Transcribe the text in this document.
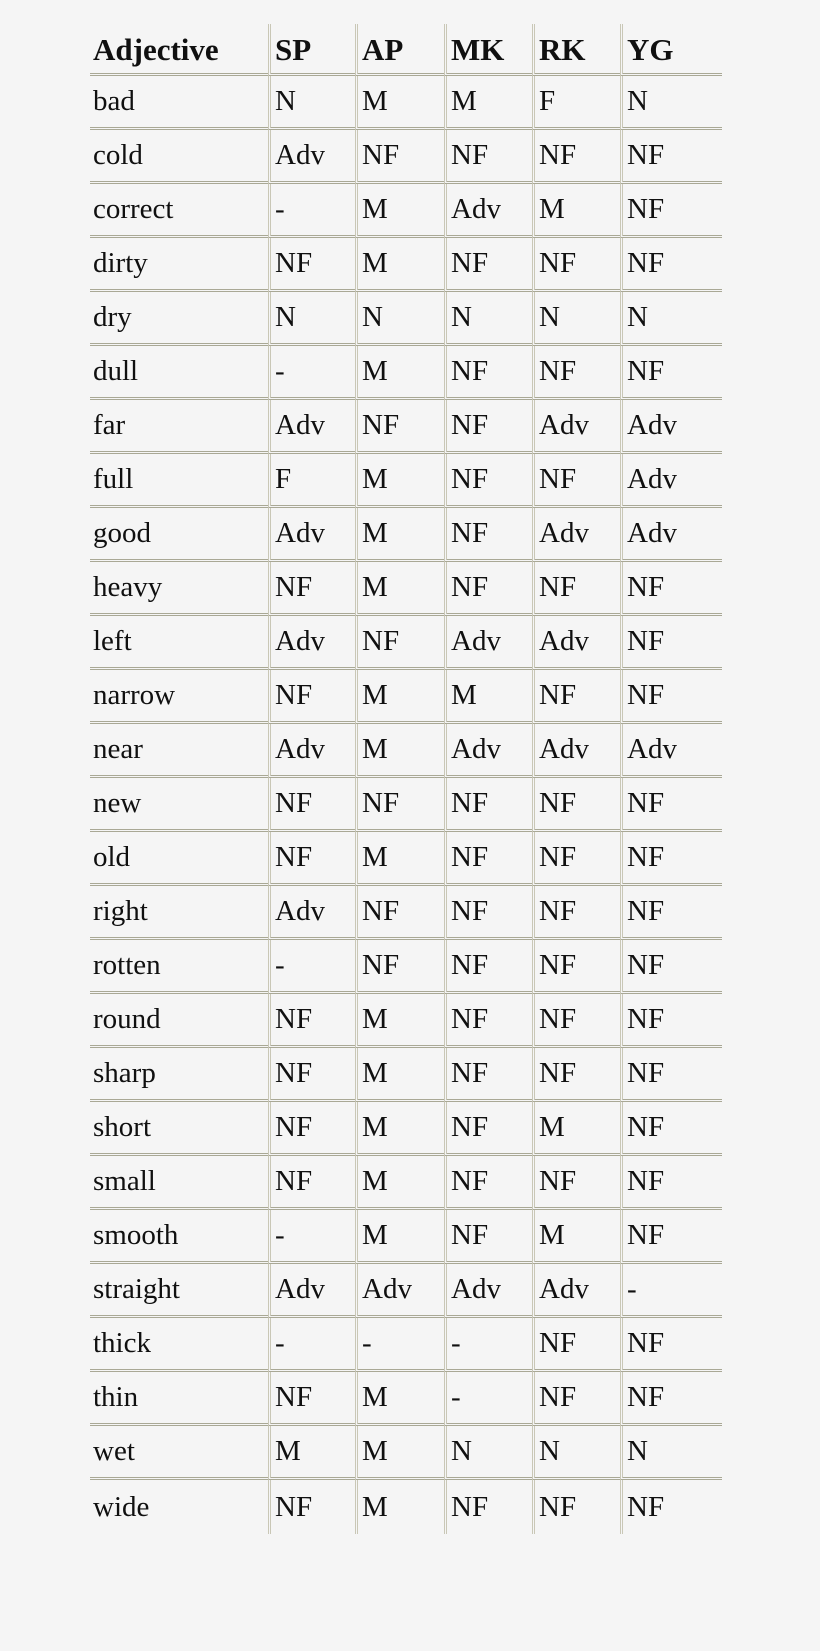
Adjective	SP	AP	MK	RK	YG
bad	N	M	M	F	N
cold	Adv	NF	NF	NF	NF
correct	-	M	Adv	M	NF
dirty	NF	M	NF	NF	NF
dry	N	N	N	N	N
dull	-	M	NF	NF	NF
far	Adv	NF	NF	Adv	Adv
full	F	M	NF	NF	Adv
good	Adv	M	NF	Adv	Adv
heavy	NF	M	NF	NF	NF
left	Adv	NF	Adv	Adv	NF
narrow	NF	M	M	NF	NF
near	Adv	M	Adv	Adv	Adv
new	NF	NF	NF	NF	NF
old	NF	M	NF	NF	NF
right	Adv	NF	NF	NF	NF
rotten	-	NF	NF	NF	NF
round	NF	M	NF	NF	NF
sharp	NF	M	NF	NF	NF
short	NF	M	NF	M	NF
small	NF	M	NF	NF	NF
smooth	-	M	NF	M	NF
straight	Adv	Adv	Adv	Adv	-
thick	-	-	-	NF	NF
thin	NF	M	-	NF	NF
wet	M	M	N	N	N
wide	NF	M	NF	NF	NF
